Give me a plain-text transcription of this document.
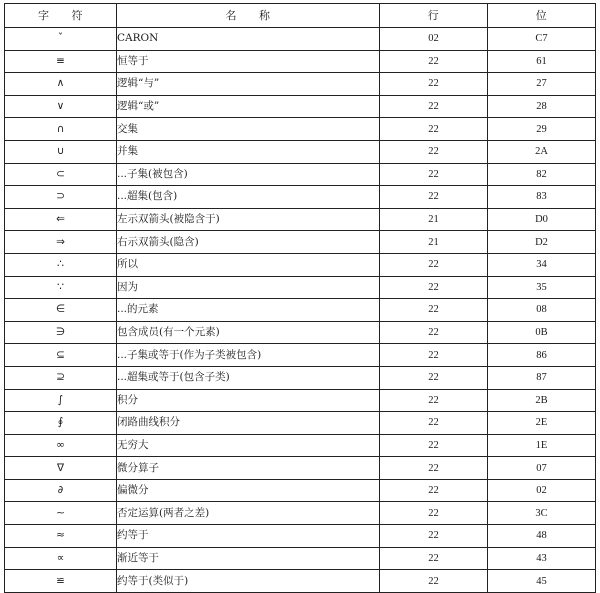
字 符	名 称	行	位
ˇ	CARON	02	C7
≡	恒等于	22	61
∧	逻辑“与”	22	27
∨	逻辑“或”	22	28
∩	交集	22	29
∪	并集	22	2A
⊂	...子集(被包含)	22	82
⊃	...超集(包含)	22	83
⇐	左示双箭头(被隐含于)	21	D0
⇒	右示双箭头(隐含)	21	D2
∴	所以	22	34
∵	因为	22	35
∈	...的元素	22	08
∋	包含成员(有一个元素)	22	0B
⊆	...子集或等于(作为子类被包含)	22	86
⊇	...超集或等于(包含子类)	22	87
∫	积分	22	2B
∮	闭路曲线积分	22	2E
∞	无穷大	22	1E
∇	微分算子	22	07
∂	偏微分	22	02
∼	否定运算(两者之差)	22	3C
≈	约等于	22	48
∝	渐近等于	22	43
≌	约等于(类似于)	22	45
